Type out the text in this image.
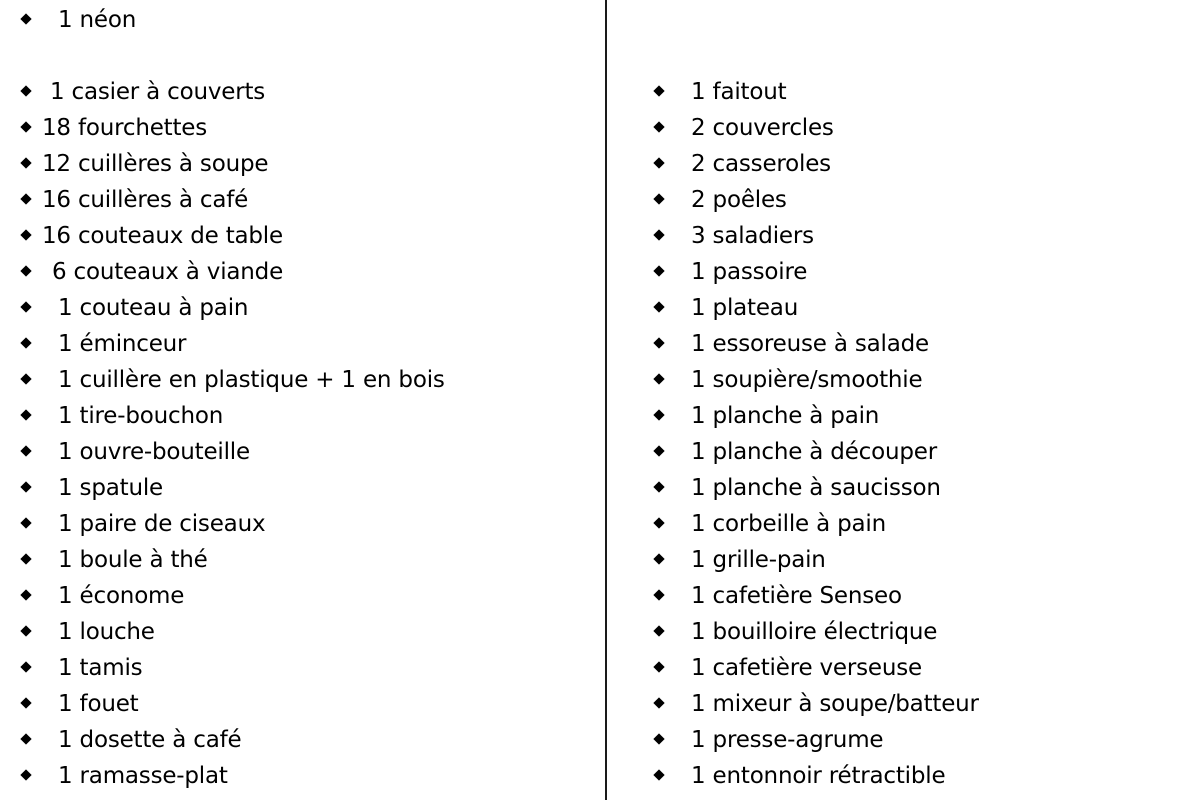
1 néon
1 casier à couverts
18 fourchettes
12 cuillères à soupe
16 cuillères à café
16 couteaux de table
6 couteaux à viande
1 couteau à pain
1 éminceur
1 cuillère en plastique + 1 en bois
1 tire-bouchon
1 ouvre-bouteille
1 spatule
1 paire de ciseaux
1 boule à thé
1 économe
1 louche
1 tamis
1 fouet
1 dosette à café
1 ramasse-plat
1 faitout
2 couvercles
2 casseroles
2 poêles
3 saladiers
1 passoire
1 plateau
1 essoreuse à salade
1 soupière/smoothie
1 planche à pain
1 planche à découper
1 planche à saucisson
1 corbeille à pain
1 grille-pain
1 cafetière Senseo
1 bouilloire électrique
1 cafetière verseuse
1 mixeur à soupe/batteur
1 presse-agrume
1 entonnoir rétractible
